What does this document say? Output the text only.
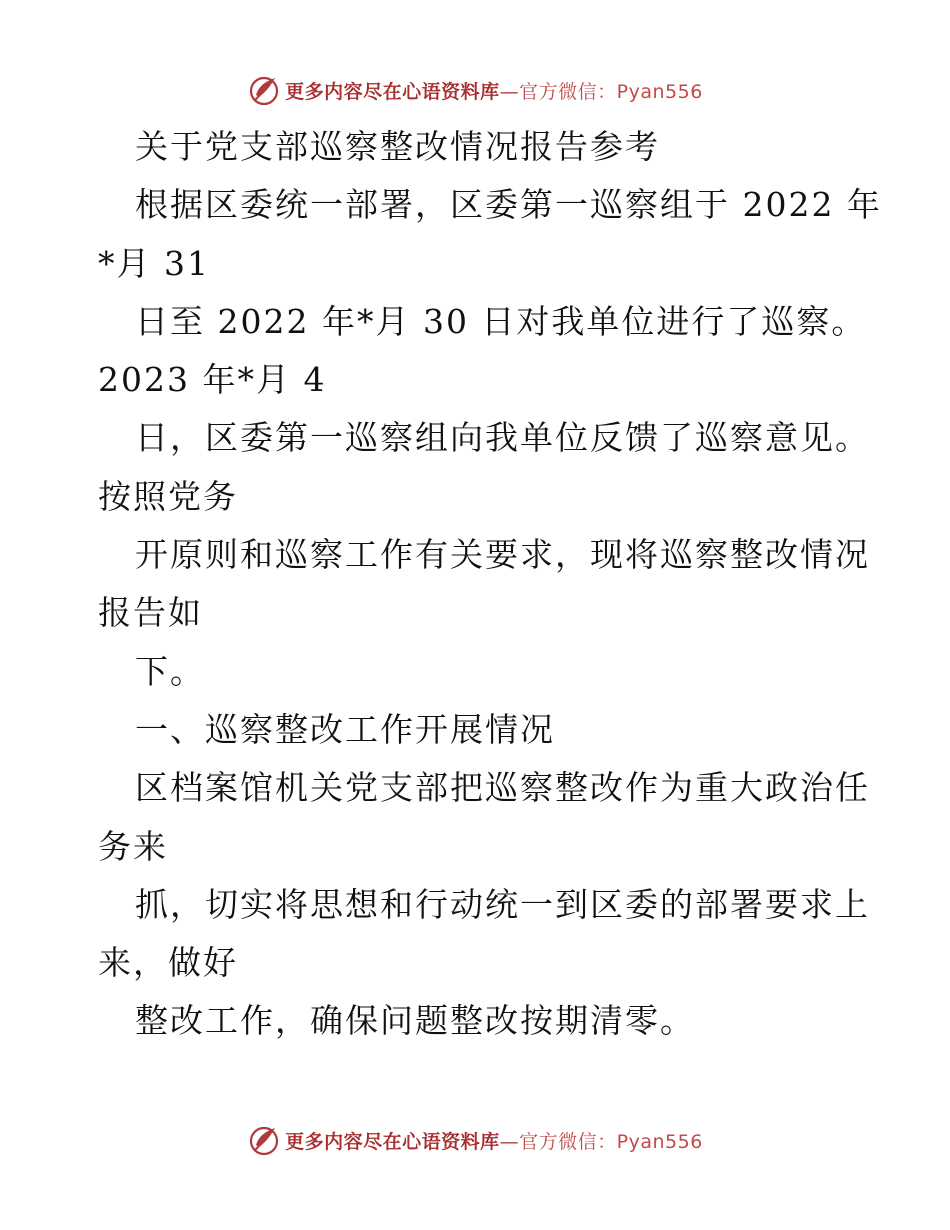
更多内容尽在心语资料库—官方微信：Pyan556
关于党支部巡察整改情况报告参考
根据区委统一部署，区委第一巡察组于 2022 年
*月 31
日至 2022 年*月 30 日对我单位进行了巡察。
2023 年*月 4
日，区委第一巡察组向我单位反馈了巡察意见。
按照党务
开原则和巡察工作有关要求，现将巡察整改情况
报告如
下。
一、巡察整改工作开展情况
区档案馆机关党支部把巡察整改作为重大政治任
务来
抓，切实将思想和行动统一到区委的部署要求上
来，做好
整改工作，确保问题整改按期清零。
更多内容尽在心语资料库—官方微信：Pyan556
